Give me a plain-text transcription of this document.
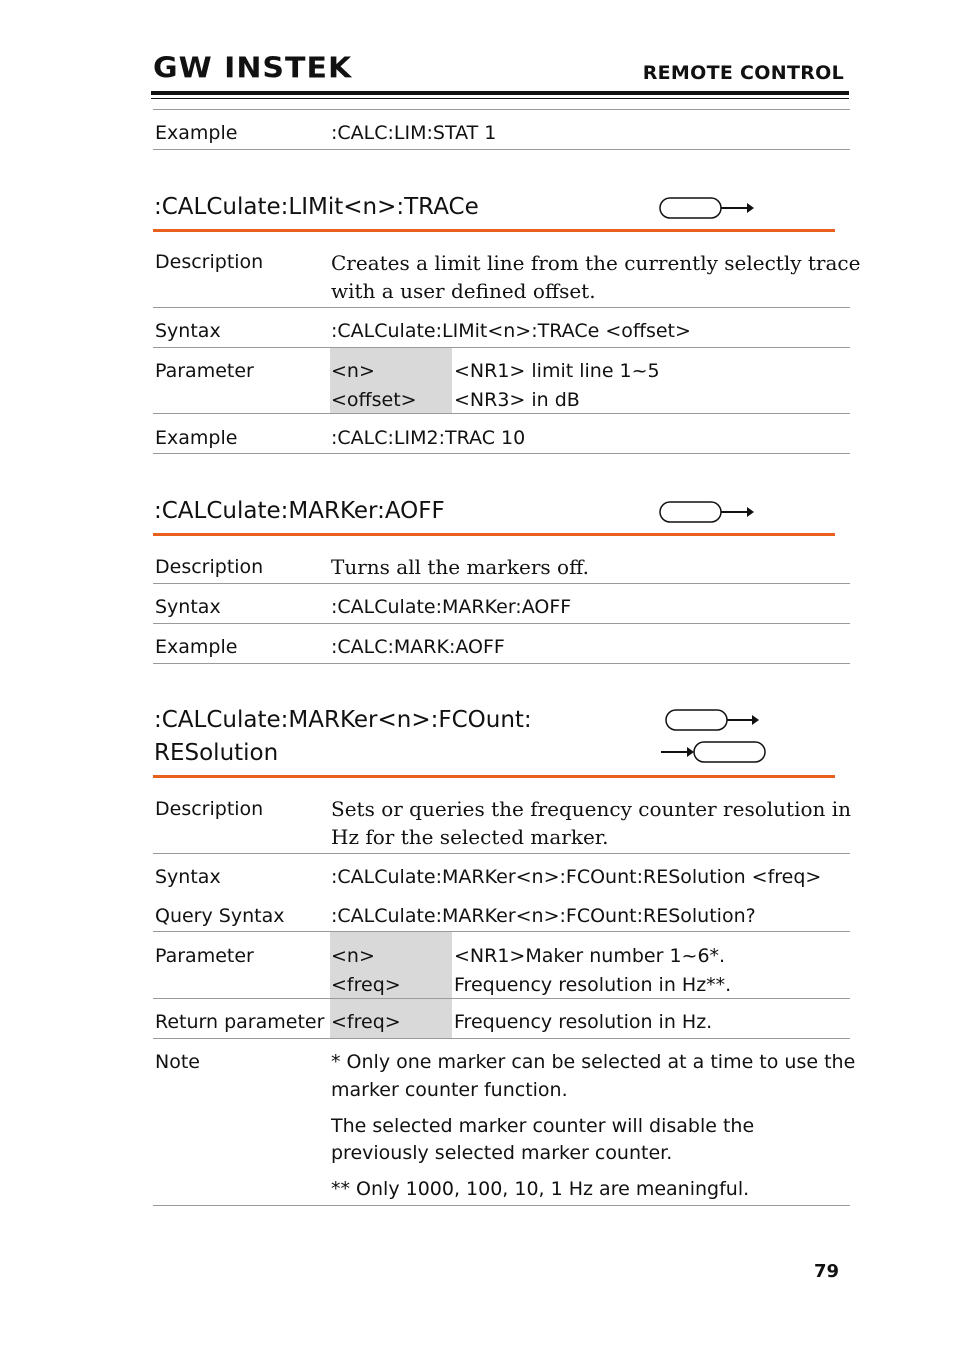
GW INSTEK	REMOTE CONTROL
Example	:CALC:LIM:STAT 1
:CALCulate:LIMit<n>:TRACe
Description	Creates a limit line from the currently selectly trace
with a user defined offset.
Syntax	:CALCulate:LIMit<n>:TRACe <offset>
Parameter	<n>	<NR1> limit line 1~5
<offset> <NR3> in dB
Example	:CALC:LIM2:TRAC 10
:CALCulate:MARKer:AOFF
Description	Turns all the markers off.
Syntax	:CALCulate:MARKer:AOFF
Example	:CALC:MARK:AOFF
:CALCulate:MARKer<n>:FCOunt:
RESolution
Description	Sets or queries the frequency counter resolution in
Hz for the selected marker.
Syntax	:CALCulate:MARKer<n>:FCOunt:RESolution <freq>
Query Syntax :CALCulate:MARKer<n>:FCOunt:RESolution?
Parameter	<n>	<NR1>Maker number 1~6*.
<freq>	Frequency resolution in Hz**.
Return parameter <freq>	Frequency resolution in Hz.
Note	* Only one marker can be selected at a time to use the
marker counter function.
The selected marker counter will disable the
previously selected marker counter.
** Only 1000, 100, 10, 1 Hz are meaningful.
79
